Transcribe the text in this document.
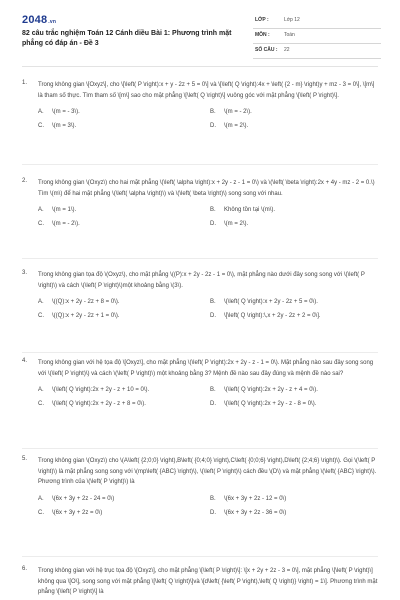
2048.vn
82 câu trắc nghiệm Toán 12 Cánh diều Bài 1: Phương trình mặt phẳng có đáp án - Đề 3
LỚP :	Lớp 12
MÔN :	Toán
SỐ CÂU : 22
1. Trong không gian \[Oxyz\], cho \[\left( P \right):x + y - 2z + 5 = 0\] và \[\left( Q \right):4x + \left( {2 - m} \right)y + mz - 3 = 0\], \[m\] là tham số thực. Tìm tham số \[m\] sao cho mặt phẳng \[\left( Q \right)\] vuông góc với mặt phẳng \[\left( P \right)\].
A.	\(m = - 3\).	B.	\(m = - 2\).
C.	\(m = 3\).	D.	\(m = 2\).
2. Trong không gian \(Oxyz\) cho hai mặt phẳng \(\left( \alpha \right):x + 2y - z - 1 = 0\) và \(\left( \beta \right):2x + 4y - mz - 2 = 0.\) Tìm \(m\) để hai mặt phẳng \(\left( \alpha \right)\) và \(\left( \beta \right)\) song song với nhau.
A.	\(m = 1\).	B.	Không tồn tại \(m\).
C.	\(m = - 2\).	D.	\(m = 2\).
3. Trong không gian tọa độ \(Oxyz\), cho mặt phẳng \((P):x + 2y - 2z - 1 = 0\), mặt phẳng nào dưới đây song song với \(\left( P \right)\) và cách \(\left( P \right)\)một khoảng bằng \(3\).
A.	\((Q):x + 2y - 2z + 8 = 0\).	B.	\(\left( Q \right):x + 2y - 2z + 5 = 0\).
C.	\((Q):x + 2y - 2z + 1 = 0\).	D.	\[\left( Q \right):\,x + 2y - 2z + 2 = 0\].
4. Trong không gian với hệ tọa độ \[Oxyz\], cho mặt phẳng \(\left( P \right):2x + 2y - z - 1 = 0\). Mặt phẳng nào sau đây song song với \(\left( P \right)\) và cách \(\left( P \right)\) một khoảng bằng 3? Mệnh đề nào sau đây đúng và mệnh đề nào sai?
A.	\(\left( Q \right):2x + 2y - z + 10 = 0\).	B.	\(\left( Q \right):2x + 2y - z + 4 = 0\).
C.	\(\left( Q \right):2x + 2y - z + 8 = 0\).	D.	\(\left( Q \right):2x + 2y - z - 8 = 0\).
5. Trong không gian \(Oxyz\) cho \(A\left( {2;0;0} \right),B\left( {0;4;0} \right),C\left( {0;0;6} \right),D\left( {2;4;6} \right)\). Gọi \(\left( P \right)\) là mặt phẳng song song với \(mp\left( {ABC} \right)\), \(\left( P \right)\) cách đều \(D\) và mặt phẳng \(\left( {ABC} \right)\). Phương trình của \(\left( P \right)\) là
A.	\(6x + 3y + 2z - 24 = 0\)	B.	\(6x + 3y + 2z - 12 = 0\)
C.	\(6x + 3y + 2z = 0\)	D.	\(6x + 3y + 2z - 36 = 0\)
6. Trong không gian với hệ trục tọa độ \[Oxyz\], cho mặt phẳng \[\left( P \right)\]: \[x + 2y + 2z - 3 = 0\], mặt phẳng \[\left( P \right)\] không qua \[O\], song song với mặt phẳng \[\left( Q \right)\]và \[d\left( {\left( P \right),\left( Q \right)} \right) = 1\]. Phương trình mặt phẳng \[\left( P \right)\] là
